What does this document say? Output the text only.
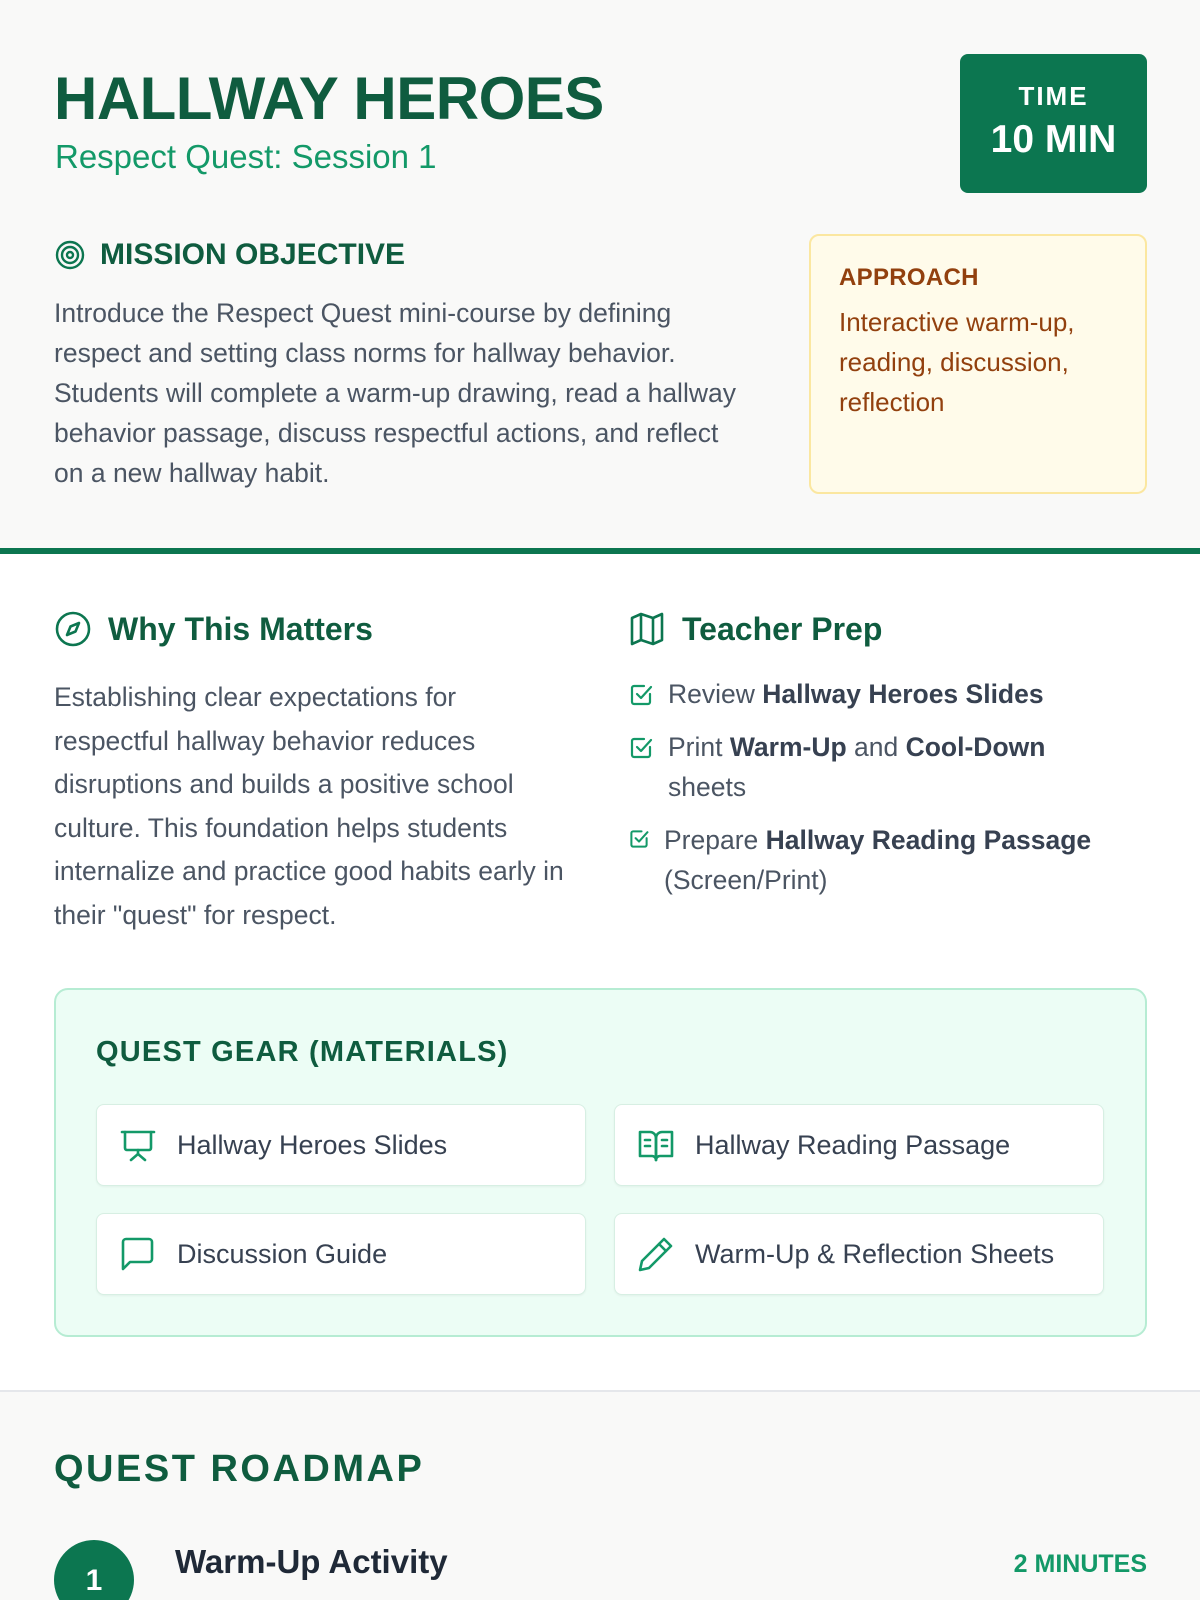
HALLWAY HEROES
Respect Quest: Session 1
TIME
10 MIN
MISSION OBJECTIVE

Introduce the Respect Quest mini-course by defining respect and setting class norms for hallway behavior. Students will complete a warm-up drawing, read a hallway behavior passage, discuss respectful actions, and reflect on a new hallway habit.

APPROACH
Interactive warm-up, reading, discussion, reflection
Why This Matters

Establishing clear expectations for respectful hallway behavior reduces disruptions and builds a positive school culture. This foundation helps students internalize and practice good habits early in their "quest" for respect.

Teacher Prep
Review Hallway Heroes Slides
Print Warm-Up and Cool-Down sheets
Prepare Hallway Reading Passage (Screen/Print)
QUEST GEAR (MATERIALS)
Hallway Heroes Slides	Hallway Reading Passage
Discussion Guide	Warm-Up & Reflection Sheets
QUEST ROADMAP
1
Warm-Up Activity	2 MINUTES
